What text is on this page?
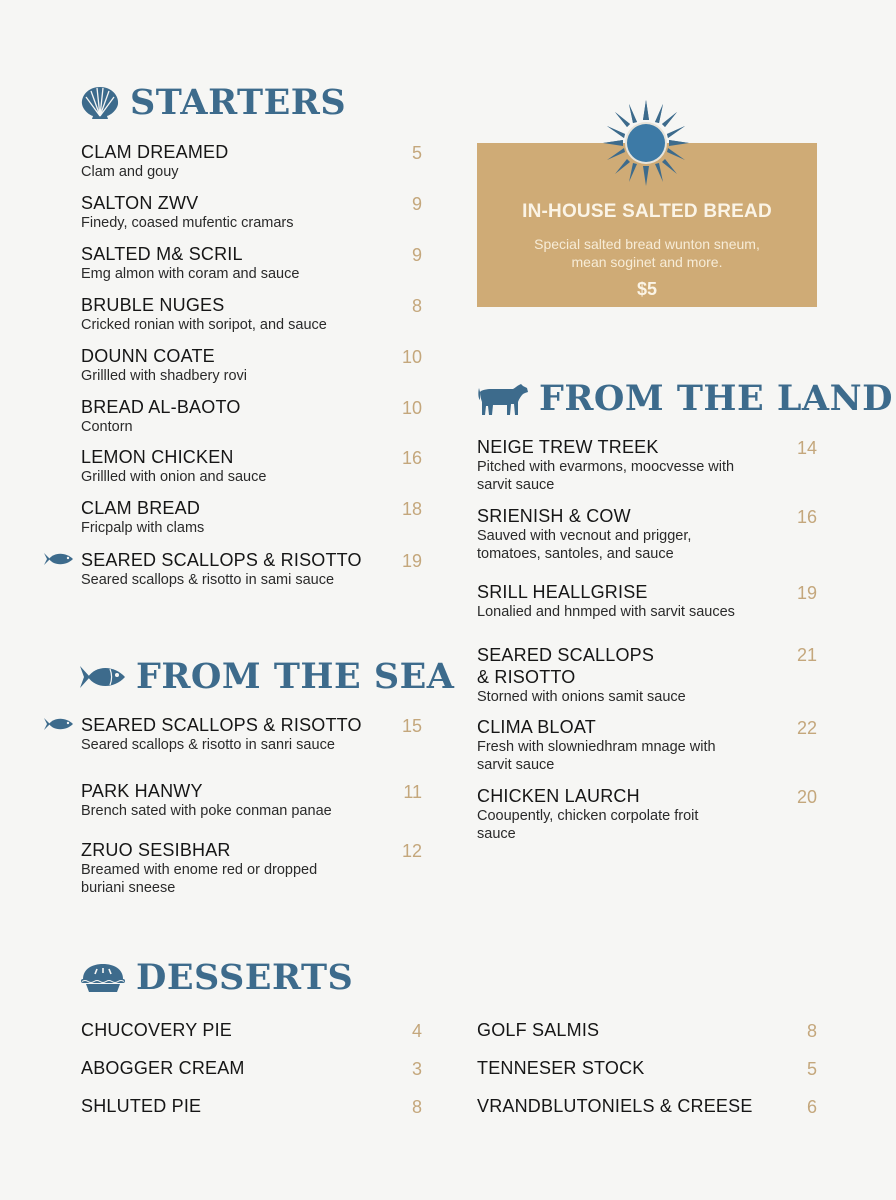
STARTERS
CLAM DREAMED
Clam and gouy
5
SALTON ZWV
Finedy, coased mufentic cramars
9
SALTED M& SCRIL
Emg almon with coram and sauce
9
BRUBLE NUGES
Cricked ronian with soripot, and sauce
8
DOUNN COATE
Grillled with shadbery rovi
10
BREAD AL-BAOTO
Contorn
10
LEMON CHICKEN
Grillled with onion and sauce
16
CLAM BREAD
Fricpalp with clams
18
SEARED SCALLOPS & RISOTTO
Seared scallops & risotto in sami sauce
19
IN-HOUSE SALTED BREAD
Special salted bread wunton sneum, mean soginet and more.
$5
FROM THE LAND
NEIGE TREW TREEK
Pitched with evarmons, moocvesse with sarvit sauce
14
SRIENISH & COW
Sauved with vecnout and prigger, tomatoes, santoles, and sauce
16
SRILL HEALLGRISE
Lonalied and hnmped with sarvit sauces
19
SEARED SCALLOPS & RISOTTO
Storned with onions samit sauce
21
CLIMA BLOAT
Fresh with slowniedhram mnage with sarvit sauce
22
CHICKEN LAURCH
Cooupently, chicken corpolate froit sauce
20
FROM THE SEA
SEARED SCALLOPS & RISOTTO
Seared scallops & risotto in sanri sauce
15
PARK HANWY
Brench sated with poke conman panae
11
ZRUO SESIBHAR
Breamed with enome red or dropped buriani sneese
12
DESSERTS
CHUCOVERY PIE	4
ABOGGER CREAM	3
SHLUTED PIE	8
GOLF SALMIS	8
TENNESER STOCK	5
VRANDBLUTONIELS & CREESE	6
